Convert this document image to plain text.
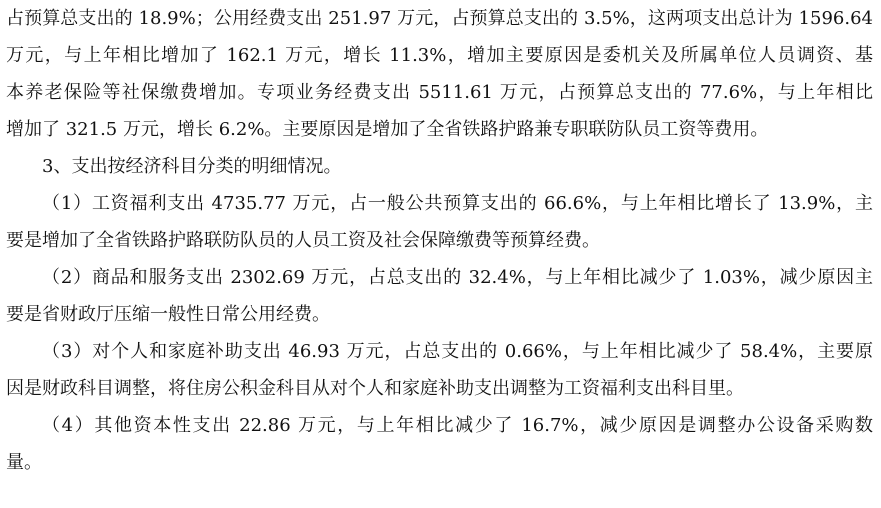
占预算总支出的 18.9%；公用经费支出 251.97 万元，占预算总支出的 3.5%，这两项支出总计为 1596.64
万元，与上年相比增加了 162.1 万元，增长 11.3%，增加主要原因是委机关及所属单位人员调资、基
本养老保险等社保缴费增加。专项业务经费支出 5511.61 万元，占预算总支出的 77.6%，与上年相比
增加了 321.5 万元，增长 6.2%。主要原因是增加了全省铁路护路兼专职联防队员工资等费用。
3、支出按经济科目分类的明细情况。
（1）工资福利支出 4735.77 万元，占一般公共预算支出的 66.6%，与上年相比增长了 13.9%，主
要是增加了全省铁路护路联防队员的人员工资及社会保障缴费等预算经费。
（2）商品和服务支出 2302.69 万元，占总支出的 32.4%，与上年相比减少了 1.03%，减少原因主
要是省财政厅压缩一般性日常公用经费。
（3）对个人和家庭补助支出 46.93 万元，占总支出的 0.66%，与上年相比减少了 58.4%，主要原
因是财政科目调整，将住房公积金科目从对个人和家庭补助支出调整为工资福利支出科目里。
（4）其他资本性支出 22.86 万元，与上年相比减少了 16.7%，减少原因是调整办公设备采购数
量。
